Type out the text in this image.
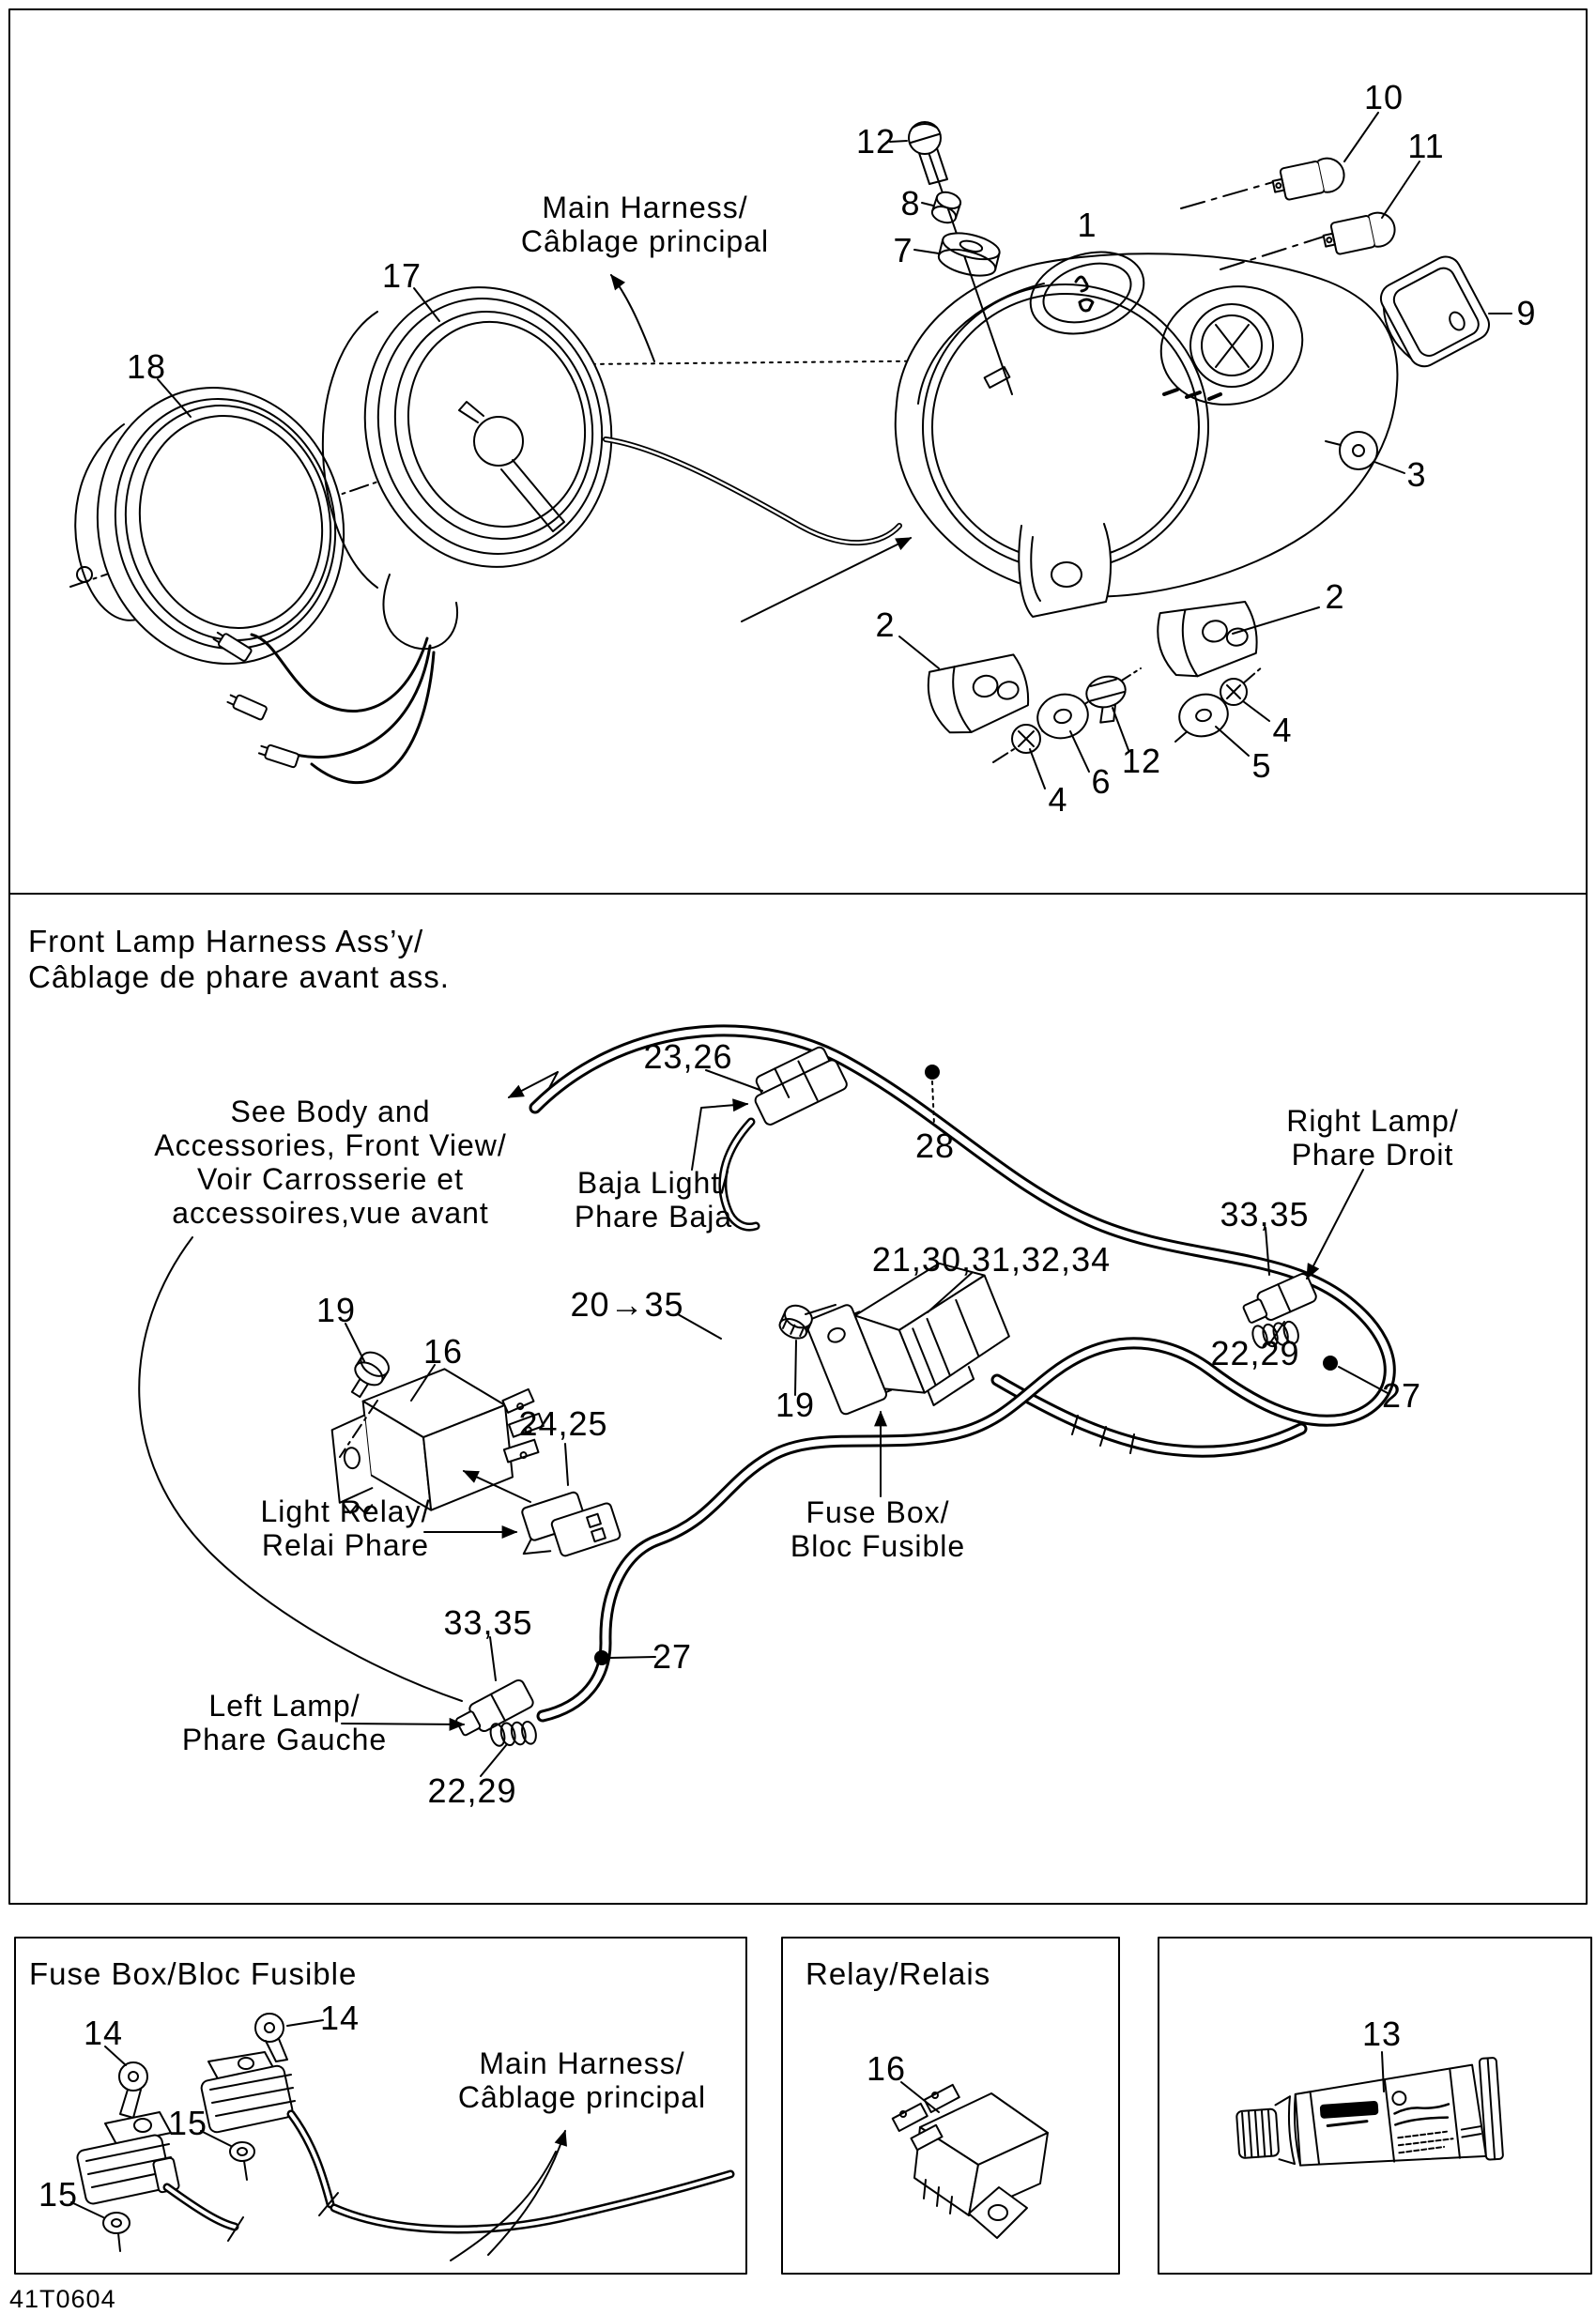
Main Harness/
Câblage principal
17
18
12
8
7
1
10
11
9
3
2
2
4 6
12	5
4
Front Lamp Harness Ass’y/
Câblage de phare avant ass.
See Body and
Accessories, Front View/
Voir Carrosserie et
accessoires,vue avant
Baja Light/
Phare Baja
Right Lamp/
Phare Droit
Left Lamp/
Phare Gauche
Light Relay/
Relai Phare
Fuse Box/
Bloc Fusible
23,26
28
33,35
21,30,31,32,34
20→35
19
19
16
24,25
22,29
27
33,35
27
22,29
Fuse Box/Bloc Fusible
14	14
15
15
Main Harness/
Câblage principal
Relay/Relais
16
13
41T0604
